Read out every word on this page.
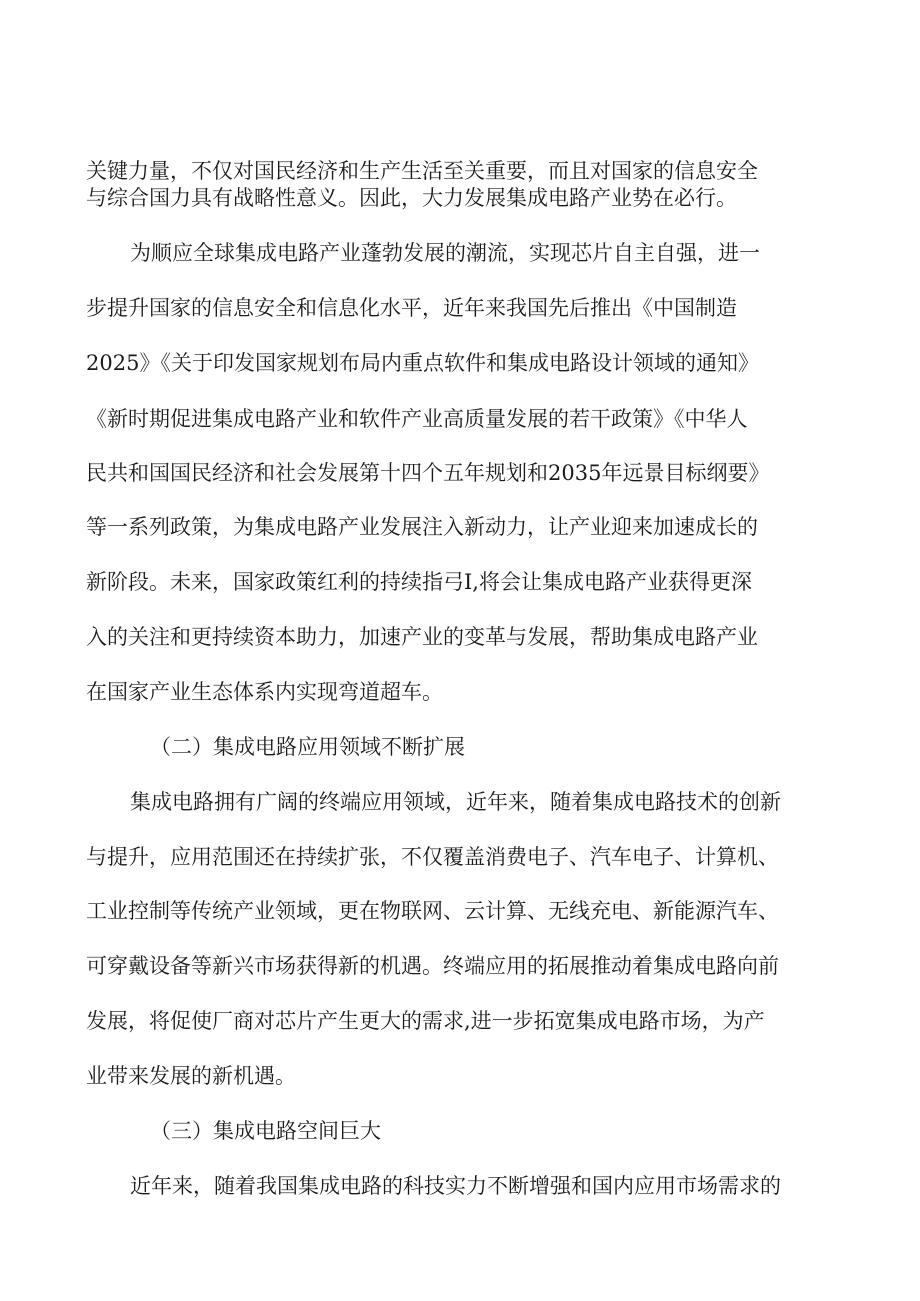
关键力量，不仅对国民经济和生产生活至关重要，而且对国家的信息安全
与综合国力具有战略性意义。因此，大力发展集成电路产业势在必行。
为顺应全球集成电路产业蓬勃发展的潮流，实现芯片自主自强，进一
步提升国家的信息安全和信息化水平，近年来我国先后推出《中国制造
2025》《关于印发国家规划布局内重点软件和集成电路设计领域的通知》
《新时期促进集成电路产业和软件产业高质量发展的若干政策》《中华人
民共和国国民经济和社会发展第十四个五年规划和2035年远景目标纲要》
等一系列政策，为集成电路产业发展注入新动力，让产业迎来加速成长的
新阶段。未来，国家政策红利的持续指弓I,将会让集成电路产业获得更深
入的关注和更持续资本助力，加速产业的变革与发展，帮助集成电路产业
在国家产业生态体系内实现弯道超车。
（二）集成电路应用领域不断扩展
集成电路拥有广阔的终端应用领域，近年来，随着集成电路技术的创新
与提升，应用范围还在持续扩张，不仅覆盖消费电子、汽车电子、计算机、
工业控制等传统产业领域，更在物联网、云计算、无线充电、新能源汽车、
可穿戴设备等新兴市场获得新的机遇。终端应用的拓展推动着集成电路向前
发展，将促使厂商对芯片产生更大的需求,进一步拓宽集成电路市场，为产
业带来发展的新机遇。
（三）集成电路空间巨大
近年来，随着我国集成电路的科技实力不断增强和国内应用市场需求的
